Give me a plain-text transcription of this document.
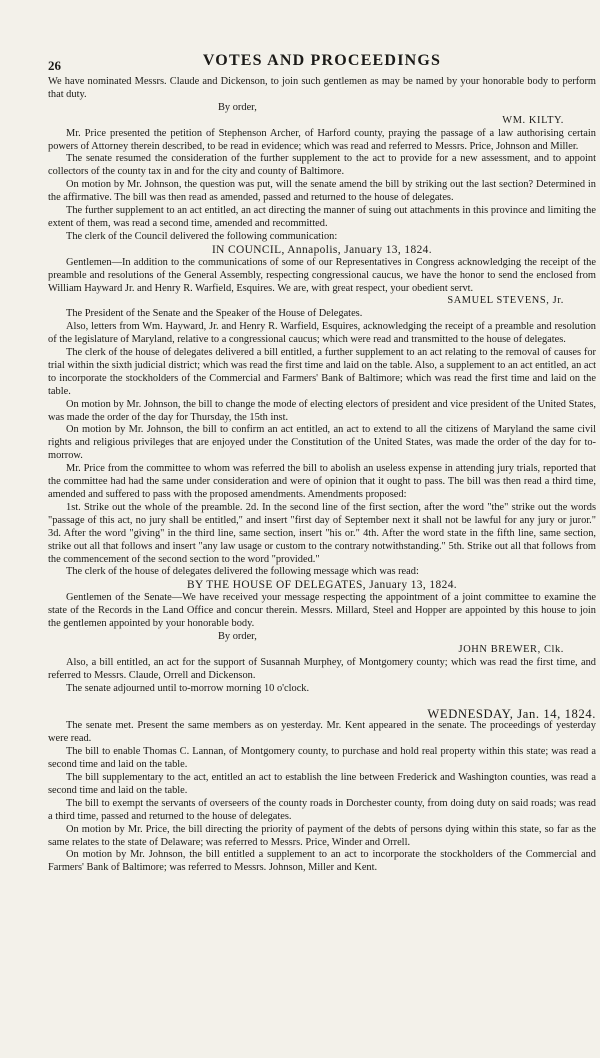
26	VOTES AND PROCEEDINGS

We have nominated Messrs. Claude and Dickenson, to join such gentlemen as may be named by your honorable body to perform that duty.

By order,

WM. KILTY.

Mr. Price presented the petition of Stephenson Archer, of Harford county, praying the passage of a law authorising certain powers of Attorney therein described, to be read in evidence; which was read and referred to Messrs. Price, Johnson and Miller.

The senate resumed the consideration of the further supplement to the act to provide for a new assessment, and to appoint collectors of the county tax in and for the city and county of Baltimore.

On motion by Mr. Johnson, the question was put, will the senate amend the bill by striking out the last section? Determined in the affirmative. The bill was then read as amended, passed and returned to the house of delegates.

The further supplement to an act entitled, an act directing the manner of suing out attachments in this province and limiting the extent of them, was read a second time, amended and recommitted.

The clerk of the Council delivered the following communication:

IN COUNCIL, Annapolis, January 13, 1824.

Gentlemen—In addition to the communications of some of our Representatives in Congress acknowledging the receipt of the preamble and resolutions of the General Assembly, respecting congressional caucus, we have the honor to send the enclosed from William Hayward Jr. and Henry R. Warfield, Esquires. We are, with great respect, your obedient servt.

SAMUEL STEVENS, Jr.

The President of the Senate and the Speaker of the House of Delegates.

Also, letters from Wm. Hayward, Jr. and Henry R. Warfield, Esquires, acknowledging the receipt of a preamble and resolution of the legislature of Maryland, relative to a congressional caucus; which were read and transmitted to the house of delegates.

The clerk of the house of delegates delivered a bill entitled, a further supplement to an act relating to the removal of causes for trial within the sixth judicial district; which was read the first time and laid on the table. Also, a supplement to an act entitled, an act to incorporate the stockholders of the Commercial and Farmers' Bank of Baltimore; which was read the first time and laid on the table.

On motion by Mr. Johnson, the bill to change the mode of electing electors of president and vice president of the United States, was made the order of the day for Thursday, the 15th inst.

On motion by Mr. Johnson, the bill to confirm an act entitled, an act to extend to all the citizens of Maryland the same civil rights and religious privileges that are enjoyed under the Constitution of the United States, was made the order of the day for to-morrow.

Mr. Price from the committee to whom was referred the bill to abolish an useless expense in attending jury trials, reported that the committee had had the same under consideration and were of opinion that it ought to pass. The bill was then read a third time, amended and suffered to pass with the proposed amendments. Amendments proposed:

1st. Strike out the whole of the preamble. 2d. In the second line of the first section, after the word "the" strike out the words "passage of this act, no jury shall be entitled," and insert "first day of September next it shall not be lawful for any jury or juror." 3d. After the word "giving" in the third line, same section, insert "his or." 4th. After the word state in the fifth line, same section, strike out all that follows and insert "any law usage or custom to the contrary notwithstanding." 5th. Strike out all that follows from the commencement of the second section to the word "provided."

The clerk of the house of delegates delivered the following message which was read:

BY THE HOUSE OF DELEGATES, January 13, 1824.

Gentlemen of the Senate—We have received your message respecting the appointment of a joint committee to examine the state of the Records in the Land Office and concur therein. Messrs. Millard, Steel and Hopper are appointed by this house to join the gentlemen appointed by your honorable body.

By order,

JOHN BREWER, Clk.

Also, a bill entitled, an act for the support of Susannah Murphey, of Montgomery county; which was read the first time, and referred to Messrs. Claude, Orrell and Dickenson.

The senate adjourned until to-morrow morning 10 o'clock.

WEDNESDAY, Jan. 14, 1824.

The senate met. Present the same members as on yesterday. Mr. Kent appeared in the senate. The proceedings of yesterday were read.

The bill to enable Thomas C. Lannan, of Montgomery county, to purchase and hold real property within this state; was read a second time and laid on the table.

The bill supplementary to the act, entitled an act to establish the line between Frederick and Washington counties, was read a second time and laid on the table.

The bill to exempt the servants of overseers of the county roads in Dorchester county, from doing duty on said roads; was read a third time, passed and returned to the house of delegates.

On motion by Mr. Price, the bill directing the priority of payment of the debts of persons dying within this state, so far as the same relates to the state of Delaware; was referred to Messrs. Price, Winder and Orrell.

On motion by Mr. Johnson, the bill entitled a supplement to an act to incorporate the stockholders of the Commercial and Farmers' Bank of Baltimore; was referred to Messrs. Johnson, Miller and Kent.
